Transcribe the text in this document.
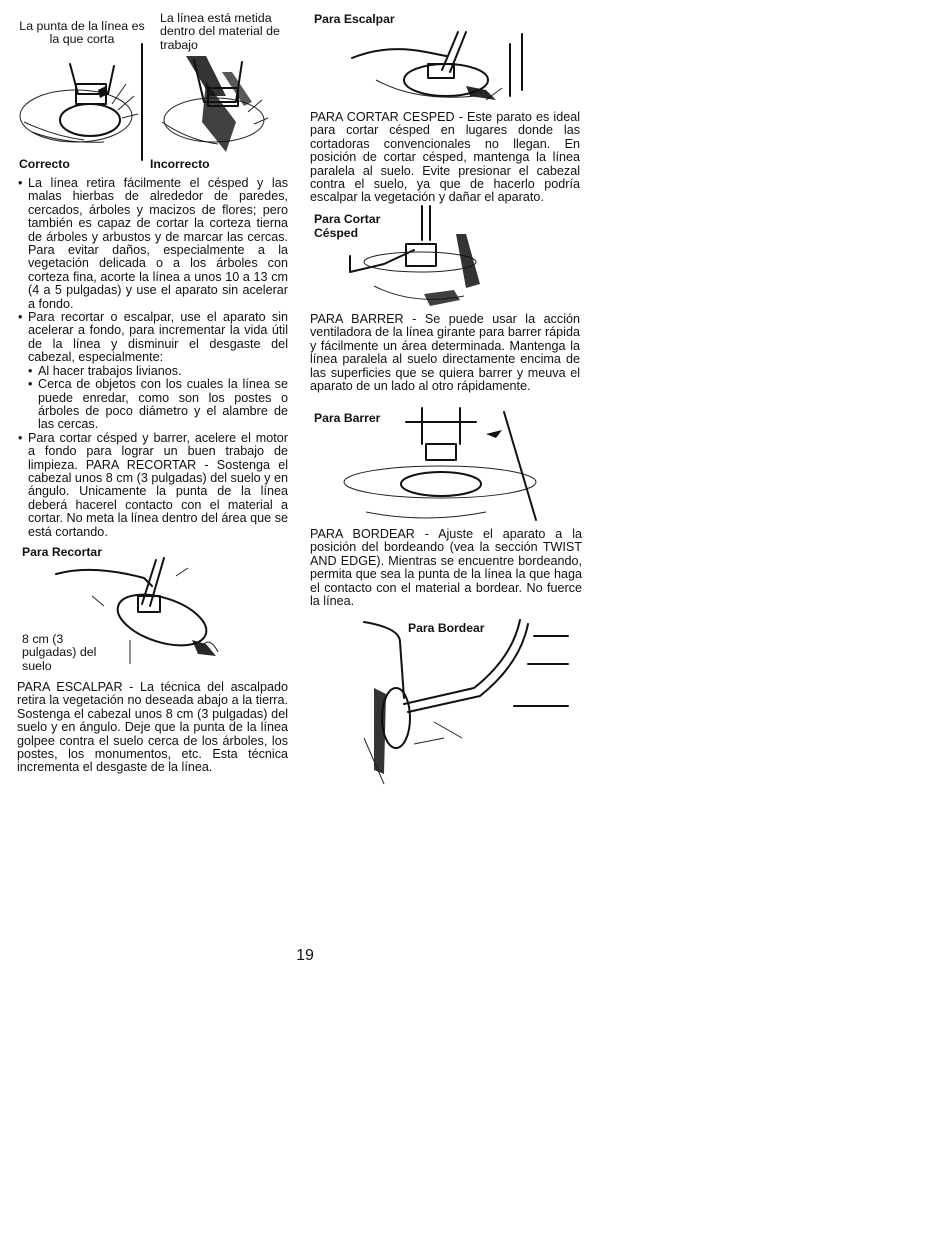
La punta de la línea es la que corta
La línea está metida dentro del material de trabajo
Correcto	Incorrecto
• La línea retira fácilmente el césped y las malas hierbas de alrededor de paredes, cercados, árboles y macizos de flores; pero también es capaz de cortar la corteza tierna de árboles y arbustos y de marcar las cercas. Para evitar daños, especialmente a la vegetación delicada o a los árboles con corteza fina, acorte la línea a unos 10 a 13 cm (4 a 5 pulgadas) y use el aparato sin acelerar a fondo.
• Para recortar o escalpar, use el aparato sin acelerar a fondo, para incrementar la vida útil de la línea y disminuir el desgaste del cabezal, especialmente:
• Al hacer trabajos livianos.
• Cerca de objetos con los cuales la línea se puede enredar, como son los postes o árboles de poco diámetro y el alambre de las cercas.
• Para cortar césped y barrer, acelere el motor a fondo para lograr un buen trabajo de limpieza. PARA RECORTAR - Sostenga el cabezal unos 8 cm (3 pulgadas) del suelo y en ángulo. Unicamente la punta de la línea deberá hacerel contacto con el material a cortar. No meta la línea dentro del área que se está cortando.
Para Recortar
8 cm (3 pulgadas) del suelo
PARA ESCALPAR - La técnica del ascalpado retira la vegetación no deseada abajo a la tierra. Sostenga el cabezal unos 8 cm (3 pulgadas) del suelo y en ángulo. Deje que la punta de la línea golpee contra el suelo cerca de los árboles, los postes, los monumentos, etc. Esta técnica incrementa el desgaste de la línea.
Para Escalpar
PARA CORTAR CESPED - Este parato es ideal para cortar césped en lugares donde las cortadoras convencionales no llegan. En posición de cortar césped, mantenga la línea paralela al suelo. Evite presionar el cabezal contra el suelo, ya que de hacerlo podría escalpar la vegetación y dañar el aparato.
Para Cortar
Césped
PARA BARRER - Se puede usar la acción ventiladora de la línea girante para barrer rápida y fácilmente un área determinada. Mantenga la línea paralela al suelo directamente encima de las superficies que se quiera barrer y meuva el aparato de un lado al otro rápidamente.
Para Barrer
PARA BORDEAR - Ajuste el aparato a la posición del bordeando (vea la sección TWIST AND EDGE). Mientras se encuentre bordeando, permita que sea la punta de la línea la que haga el contacto con el material a bordear. No fuerce la línea.
Para Bordear
19
